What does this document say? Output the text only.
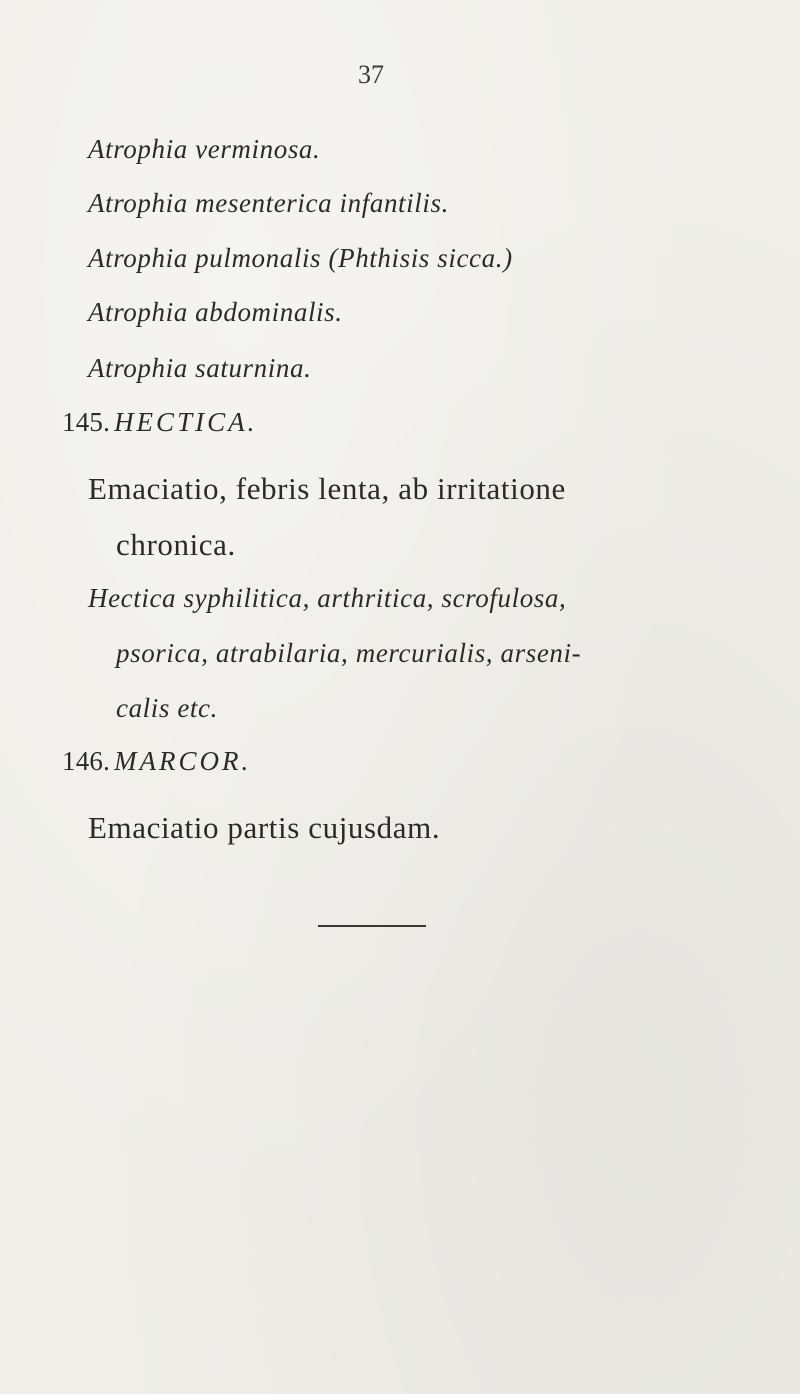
37
Atrophia verminosa.
Atrophia mesenterica infantilis.
Atrophia pulmonalis (Phthisis sicca.)
Atrophia abdominalis.
Atrophia saturnina.
145. HECTICA.
Emaciatio, febris lenta, ab irritatione
chronica.
Hectica syphilitica, arthritica, scrofulosa,
psorica, atrabilaria, mercurialis, arseni-
calis etc.
146. MARCOR.
Emaciatio partis cujusdam.
